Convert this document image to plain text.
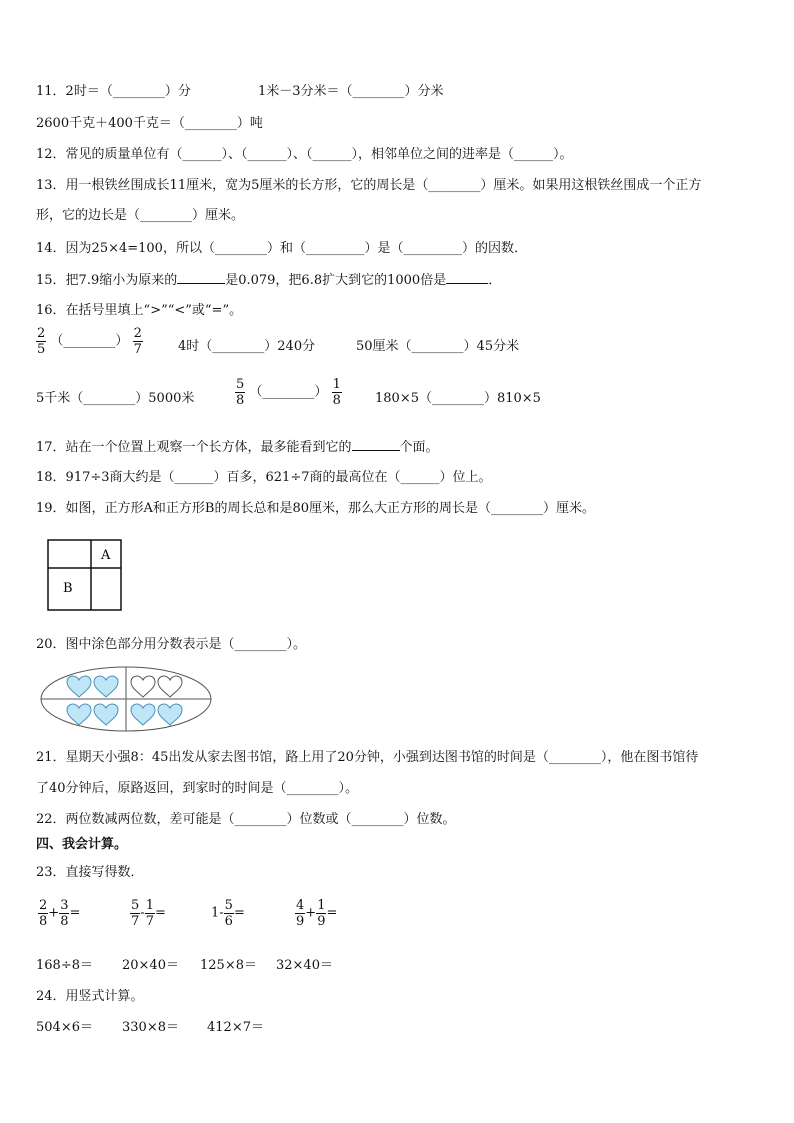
11．2时＝（________）分	1米－3分米＝（________）分米
2600千克＋400千克＝（________）吨
12．常见的质量单位有（______）、（______）、（______），相邻单位之间的进率是（______）。
13．用一根铁丝围成长11厘米，宽为5厘米的长方形，它的周长是（________）厘米。如果用这根铁丝围成一个正方
形，它的边长是（________）厘米。
14．因为25×4=100，所以（________）和（_________）是（_________）的因数．
15．把7.9缩小为原来的	是0.079，把6.8扩大到它的1000倍是	．
16．在括号里填上“>”“<”或“=”。
$\frac{2}{5}$ （________） $\frac{2}{7}$	4时（________）240分	50厘米（________）45分米
5千米（________）5000米	$\frac{5}{8}$ （________） $\frac{1}{8}$	180×5（________）810×5
17．站在一个位置上观察一个长方体，最多能看到它的	个面。
18．917÷3商大约是（______）百多，621÷7商的最高位在（______）位上。
19．如图，正方形A和正方形B的周长总和是80厘米，那么大正方形的周长是（________）厘米。
A
B
20．图中涂色部分用分数表示是（________）。
21．星期天小强8：45出发从家去图书馆，路上用了20分钟，小强到达图书馆的时间是（________），他在图书馆待
了40分钟后，原路返回，到家时的时间是（________）。
22．两位数减两位数，差可能是（________）位数或（________）位数。
四、我会计算。
23．直接写得数．
$\frac{2}{8} + \frac{3}{8}$ =	$\frac{5}{7} - \frac{1}{7}$ =	$1- \frac{5}{6}$ =	$\frac{4}{9} + \frac{1}{9}$ =
168÷8＝ 20×40＝ 125×8＝ 32×40＝
24．用竖式计算。
504×6＝ 330×8＝ 412×7＝
